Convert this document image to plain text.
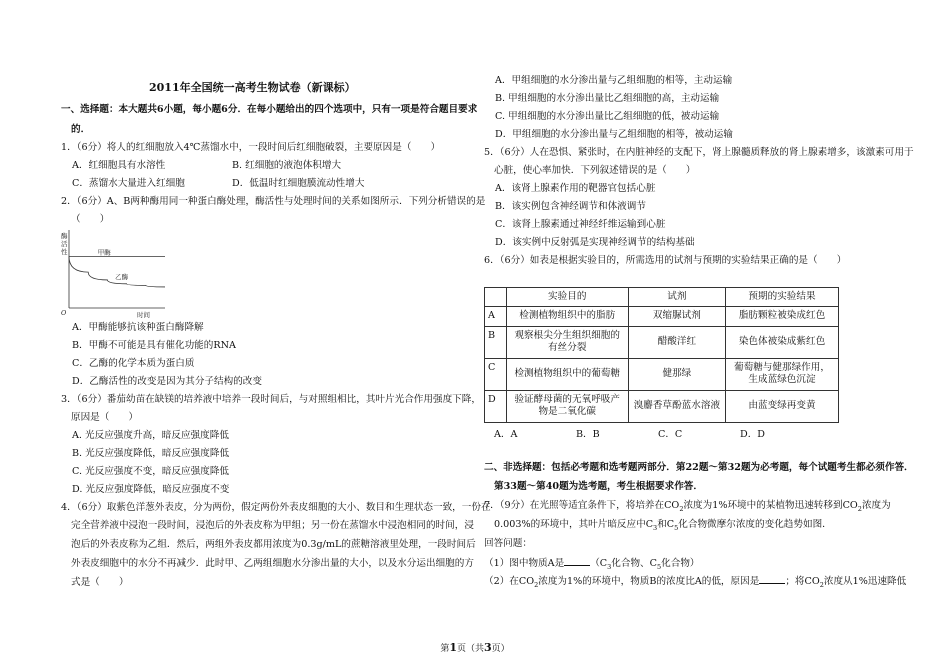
2011年全国统一高考生物试卷（新课标）
一、选择题：本大题共6小题，每小题6分．在每小题给出的四个选项中，只有一项是符合题目要求
的．
1．（6分）将人的红细胞放入4℃蒸馏水中，一段时间后红细胞破裂，主要原因是（　　）
A．红细胞具有水溶性	B. 红细胞的液泡体积增大
C．蒸馏水大量进入红细胞	D．低温时红细胞膜流动性增大
2．（6分）A、B两种酶用同一种蛋白酶处理，酶活性与处理时间的关系如图所示．下列分析错误的是
（　　）
A．甲酶能够抗该种蛋白酶降解
B．甲酶不可能是具有催化功能的RNA
C．乙酶的化学本质为蛋白质
D．乙酶活性的改变是因为其分子结构的改变
3．（6分）番茄幼苗在缺镁的培养液中培养一段时间后，与对照组相比，其叶片光合作用强度下降，
原因是（　　）
A. 光反应强度升高，暗反应强度降低
B. 光反应强度降低，暗反应强度降低
C. 光反应强度不变，暗反应强度降低
D. 光反应强度降低，暗反应强度不变
4．（6分）取紫色洋葱外表皮，分为两份，假定两份外表皮细胞的大小、数目和生理状态一致，一份在
完全营养液中浸泡一段时间，浸泡后的外表皮称为甲组；另一份在蒸馏水中浸泡相同的时间，浸
泡后的外表皮称为乙组．然后，两组外表皮都用浓度为0.3g/mL的蔗糖溶液里处理，一段时间后
外表皮细胞中的水分不再减少．此时甲、乙两组细胞水分渗出量的大小，以及水分运出细胞的方
式是（　　）
酶
活
性
时间
O
甲酶
乙酶
A．甲组细胞的水分渗出量与乙组细胞的相等，主动运输
B. 甲组细胞的水分渗出量比乙组细胞的高，主动运输
C. 甲组细胞的水分渗出量比乙组细胞的低，被动运输
D．甲组细胞的水分渗出量与乙组细胞的相等，被动运输
5．（6分）人在恐惧、紧张时，在内脏神经的支配下，肾上腺髓质释放的肾上腺素增多，该激素可用于
心脏，使心率加快．下列叙述错误的是（　　）
A．该肾上腺素作用的靶器官包括心脏
B．该实例包含神经调节和体液调节
C．该肾上腺素通过神经纤维运输到心脏
D．该实例中反射弧是实现神经调节的结构基础
6．（6分）如表是根据实验目的，所需选用的试剂与预期的实验结果正确的是（　　）
A．A	B．B	C．C	D．D
二、非选择题：包括必考题和选考题两部分．第22题～第32题为必考题，每个试题考生都必须作答．
第33题～第40题为选考题，考生根据要求作答．
7．（9分）在光照等适宜条件下，将培养在$CO_2$浓度为1%环境中的某植物迅速转移到$CO_2$浓度为
0.003%的环境中，其叶片暗反应中$C_3$和$C_5$化合物微摩尔浓度的变化趋势如图．
回答问题：
（1）图中物质A是	（$C_3$化合物、$C_5$化合物）
（2）在$CO_2$浓度为1%的环境中，物质B的浓度比A的低，原因是	；将$CO_2$浓度从1%迅速降低
	实验目的	试剂	预期的实验结果
A	检测植物组织中的脂肪	双缩脲试剂	脂肪颗粒被染成红色
B	观察根尖分生组织细胞的有丝分裂	醋酸洋红	染色体被染成紫红色
C	检测植物组织中的葡萄糖	健那绿	葡萄糖与健那绿作用，生成蓝绿色沉淀
D	验证酵母菌的无氧呼吸产物是二氧化碳	溴麝香草酚蓝水溶液	由蓝变绿再变黄
第1页（共3页）
